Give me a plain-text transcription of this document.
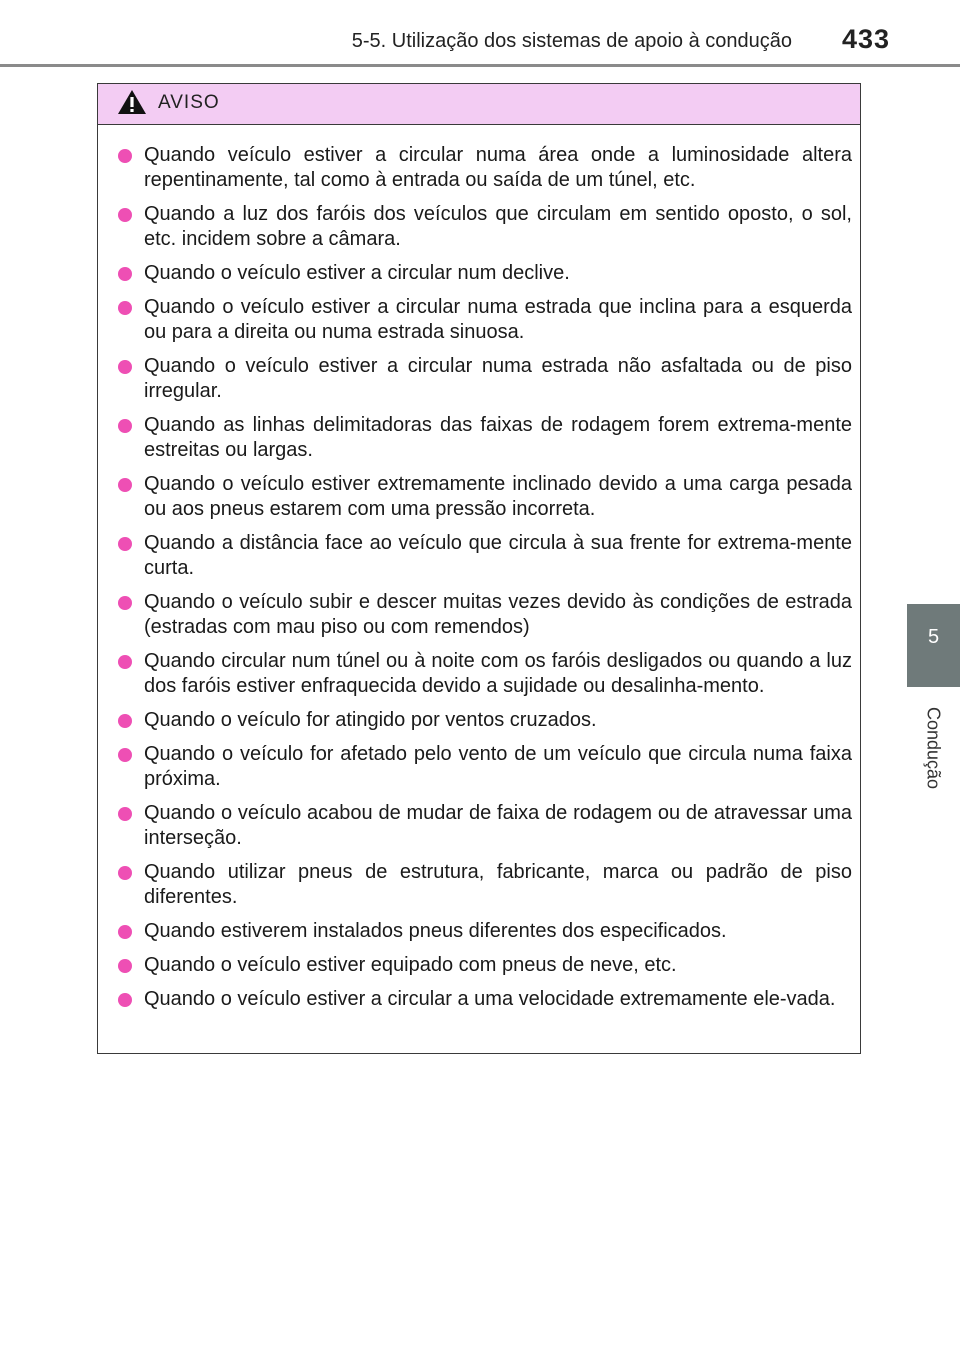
5-5. Utilização dos sistemas de apoio à condução 433
5
Condução
AVISO
Quando veículo estiver a circular numa área onde a luminosidade altera repentinamente, tal como à entrada ou saída de um túnel, etc.
Quando a luz dos faróis dos veículos que circulam em sentido oposto, o sol, etc. incidem sobre a câmara.
Quando o veículo estiver a circular num declive.
Quando o veículo estiver a circular numa estrada que inclina para a esquerda ou para a direita ou numa estrada sinuosa.
Quando o veículo estiver a circular numa estrada não asfaltada ou de piso irregular.
Quando as linhas delimitadoras das faixas de rodagem forem extrema-mente estreitas ou largas.
Quando o veículo estiver extremamente inclinado devido a uma carga pesada ou aos pneus estarem com uma pressão incorreta.
Quando a distância face ao veículo que circula à sua frente for extrema-mente curta.
Quando o veículo subir e descer muitas vezes devido às condições de estrada (estradas com mau piso ou com remendos)
Quando circular num túnel ou à noite com os faróis desligados ou quando a luz dos faróis estiver enfraquecida devido a sujidade ou desalinha-mento.
Quando o veículo for atingido por ventos cruzados.
Quando o veículo for afetado pelo vento de um veículo que circula numa faixa próxima.
Quando o veículo acabou de mudar de faixa de rodagem ou de atravessar uma interseção.
Quando utilizar pneus de estrutura, fabricante, marca ou padrão de piso diferentes.
Quando estiverem instalados pneus diferentes dos especificados.
Quando o veículo estiver equipado com pneus de neve, etc.
Quando o veículo estiver a circular a uma velocidade extremamente ele-vada.
